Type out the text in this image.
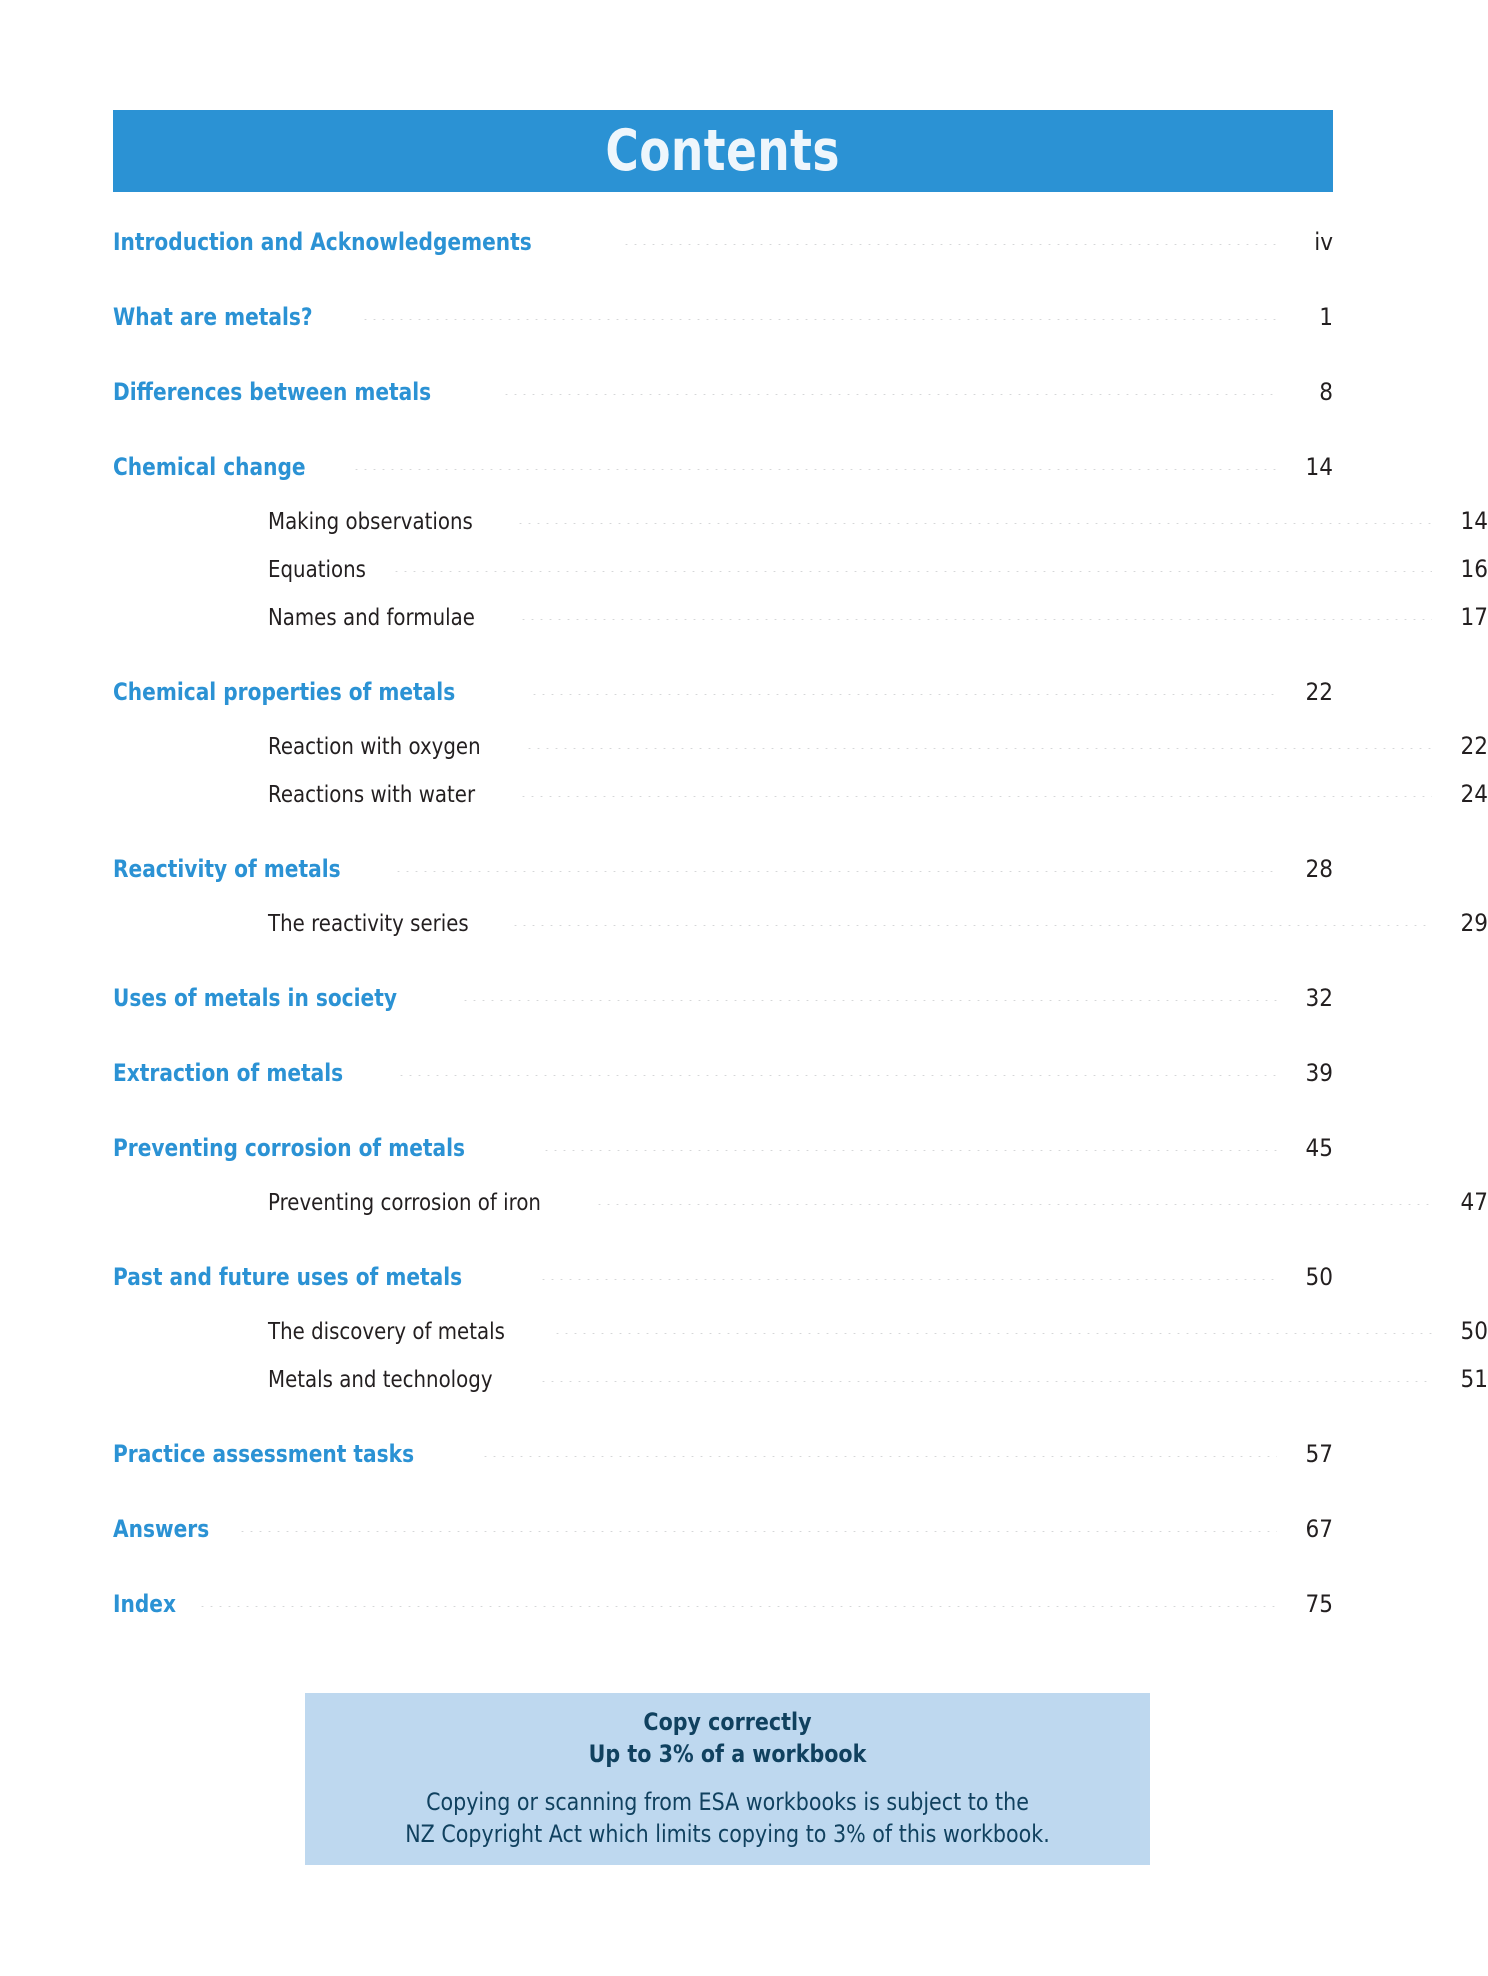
Contents
Introduction and Acknowledgements	iv
What are metals?	1
Differences between metals	8
Chemical change	14
Making observations	14
Equations	16
Names and formulae	17
Chemical properties of metals	22
Reaction with oxygen	22
Reactions with water	24
Reactivity of metals	28
The reactivity series	29
Uses of metals in society	32
Extraction of metals	39
Preventing corrosion of metals	45
Preventing corrosion of iron	47
Past and future uses of metals	50
The discovery of metals	50
Metals and technology	51
Practice assessment tasks	57
Answers	67
Index	75
Copy correctly
Up to 3% of a workbook
Copying or scanning from ESA workbooks is subject to the
NZ Copyright Act which limits copying to 3% of this workbook.
